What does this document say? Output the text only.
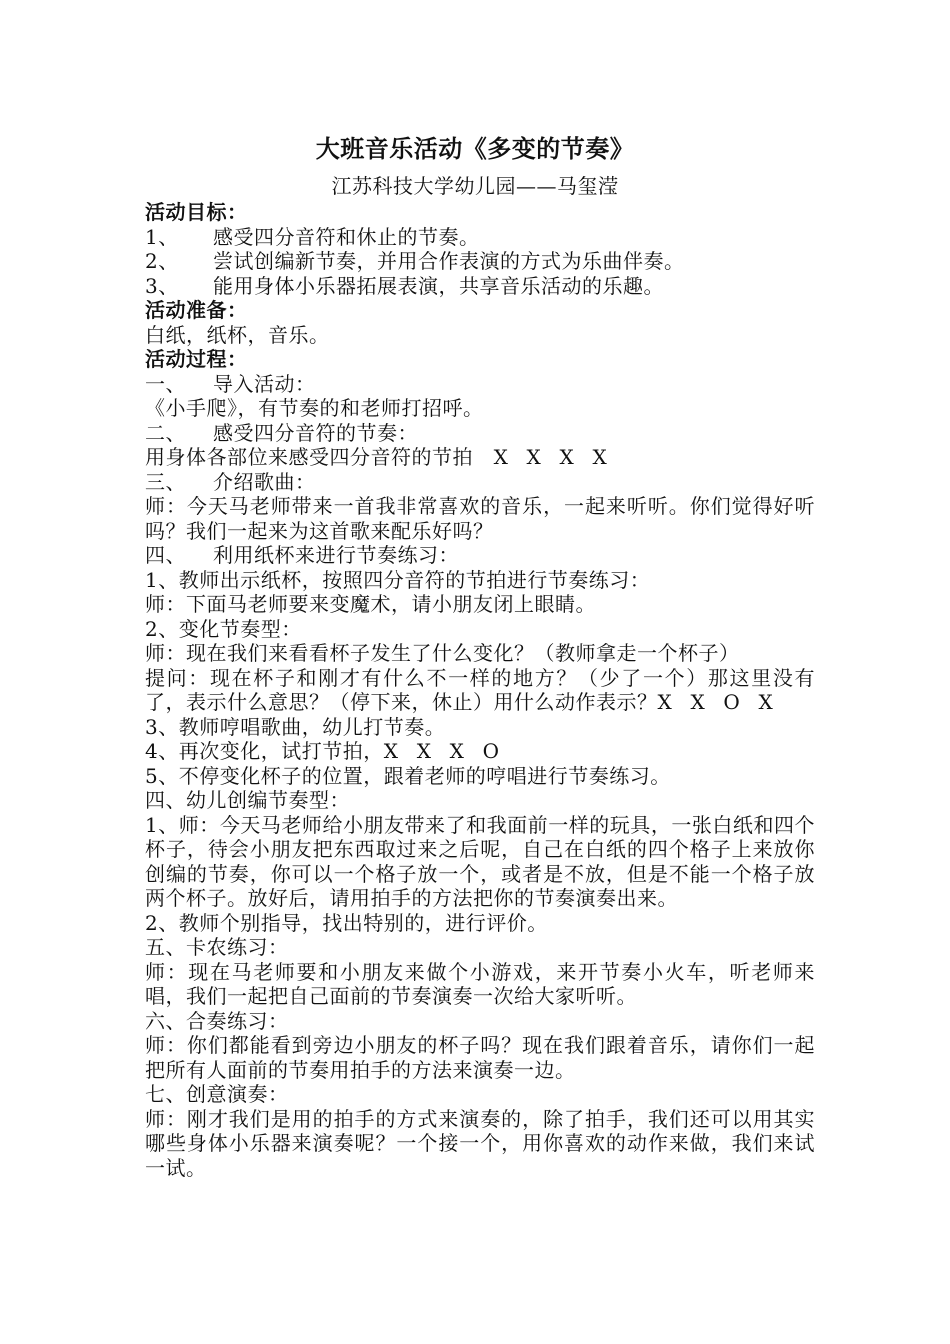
大班音乐活动《多变的节奏》
江苏科技大学幼儿园——马玺滢

活动目标：

1、 感受四分音符和休止的节奏。

2、 尝试创编新节奏，并用合作表演的方式为乐曲伴奏。

3、 能用身体小乐器拓展表演，共享音乐活动的乐趣。

活动准备：

白纸，纸杯，音乐。

活动过程：

一、 导入活动：

《小手爬》，有节奏的和老师打招呼。

二、 感受四分音符的节奏：

用身体各部位来感受四分音符的节拍 X  X  X  X

三、 介绍歌曲：

师：今天马老师带来一首我非常喜欢的音乐，一起来听听。你们觉得好听吗？我们一起来为这首歌来配乐好吗？

四、 利用纸杯来进行节奏练习：

1、教师出示纸杯，按照四分音符的节拍进行节奏练习：

师：下面马老师要来变魔术，请小朋友闭上眼睛。

2、变化节奏型：

师：现在我们来看看杯子发生了什么变化？（教师拿走一个杯子）

提问：现在杯子和刚才有什么不一样的地方？（少了一个）那这里没有了，表示什么意思？（停下来，休止）用什么动作表示？X  X  O  X

3、教师哼唱歌曲，幼儿打节奏。

4、再次变化，试打节拍，X  X  X  O

5、不停变化杯子的位置，跟着老师的哼唱进行节奏练习。

四、幼儿创编节奏型：

1、师：今天马老师给小朋友带来了和我面前一样的玩具，一张白纸和四个杯子，待会小朋友把东西取过来之后呢，自己在白纸的四个格子上来放你创编的节奏，你可以一个格子放一个，或者是不放，但是不能一个格子放两个杯子。放好后，请用拍手的方法把你的节奏演奏出来。

2、教师个别指导，找出特别的，进行评价。

五、卡农练习：

师：现在马老师要和小朋友来做个小游戏，来开节奏小火车，听老师来唱，我们一起把自己面前的节奏演奏一次给大家听听。

六、合奏练习：

师：你们都能看到旁边小朋友的杯子吗？现在我们跟着音乐，请你们一起把所有人面前的节奏用拍手的方法来演奏一边。

七、创意演奏：

师：刚才我们是用的拍手的方式来演奏的，除了拍手，我们还可以用其实哪些身体小乐器来演奏呢？一个接一个，用你喜欢的动作来做，我们来试一试。
